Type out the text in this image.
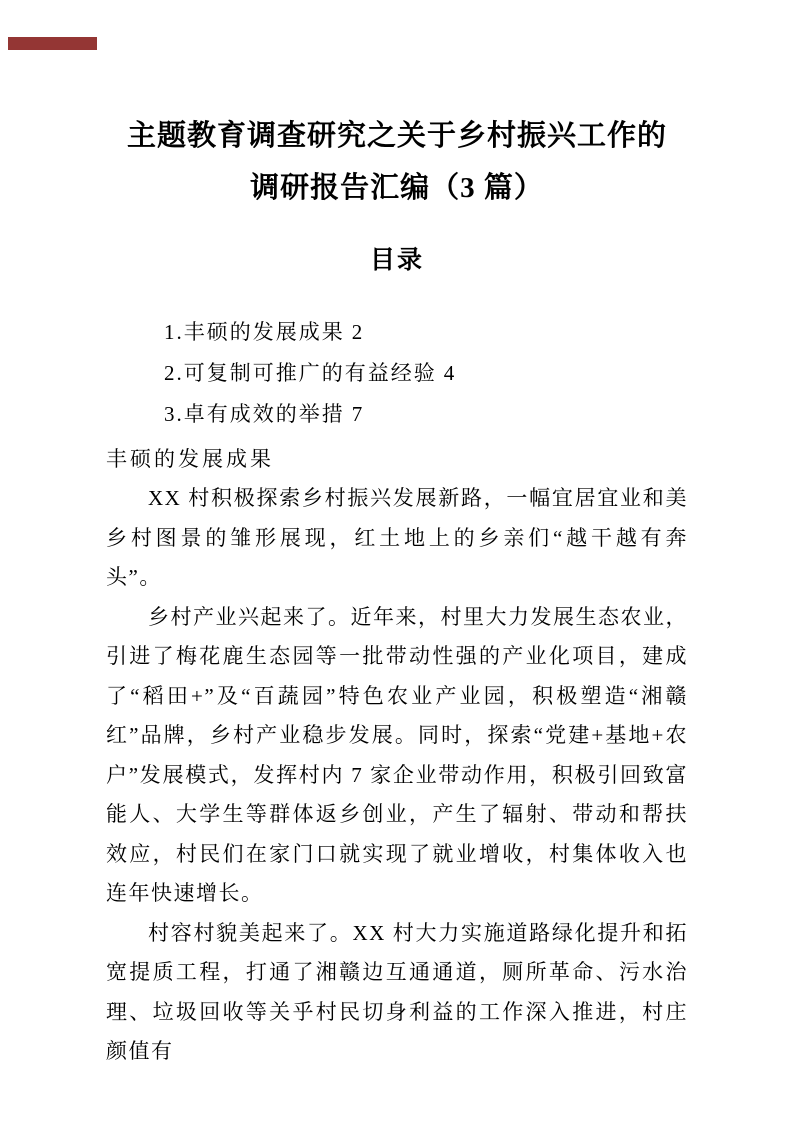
主题教育调查研究之关于乡村振兴工作的
调研报告汇编（3 篇）
目录
1.丰硕的发展成果 2
2.可复制可推广的有益经验 4
3.卓有成效的举措 7
丰硕的发展成果

XX 村积极探索乡村振兴发展新路，一幅宜居宜业和美乡村图景的雏形展现，红土地上的乡亲们“越干越有奔头”。

乡村产业兴起来了。近年来，村里大力发展生态农业，引进了梅花鹿生态园等一批带动性强的产业化项目，建成了“稻田+”及“百蔬园”特色农业产业园，积极塑造“湘赣红”品牌，乡村产业稳步发展。同时，探索“党建+基地+农户”发展模式，发挥村内 7 家企业带动作用，积极引回致富能人、大学生等群体返乡创业，产生了辐射、带动和帮扶效应，村民们在家门口就实现了就业增收，村集体收入也连年快速增长。

村容村貌美起来了。XX 村大力实施道路绿化提升和拓宽提质工程，打通了湘赣边互通通道，厕所革命、污水治理、垃圾回收等关乎村民切身利益的工作深入推进，村庄颜值有
